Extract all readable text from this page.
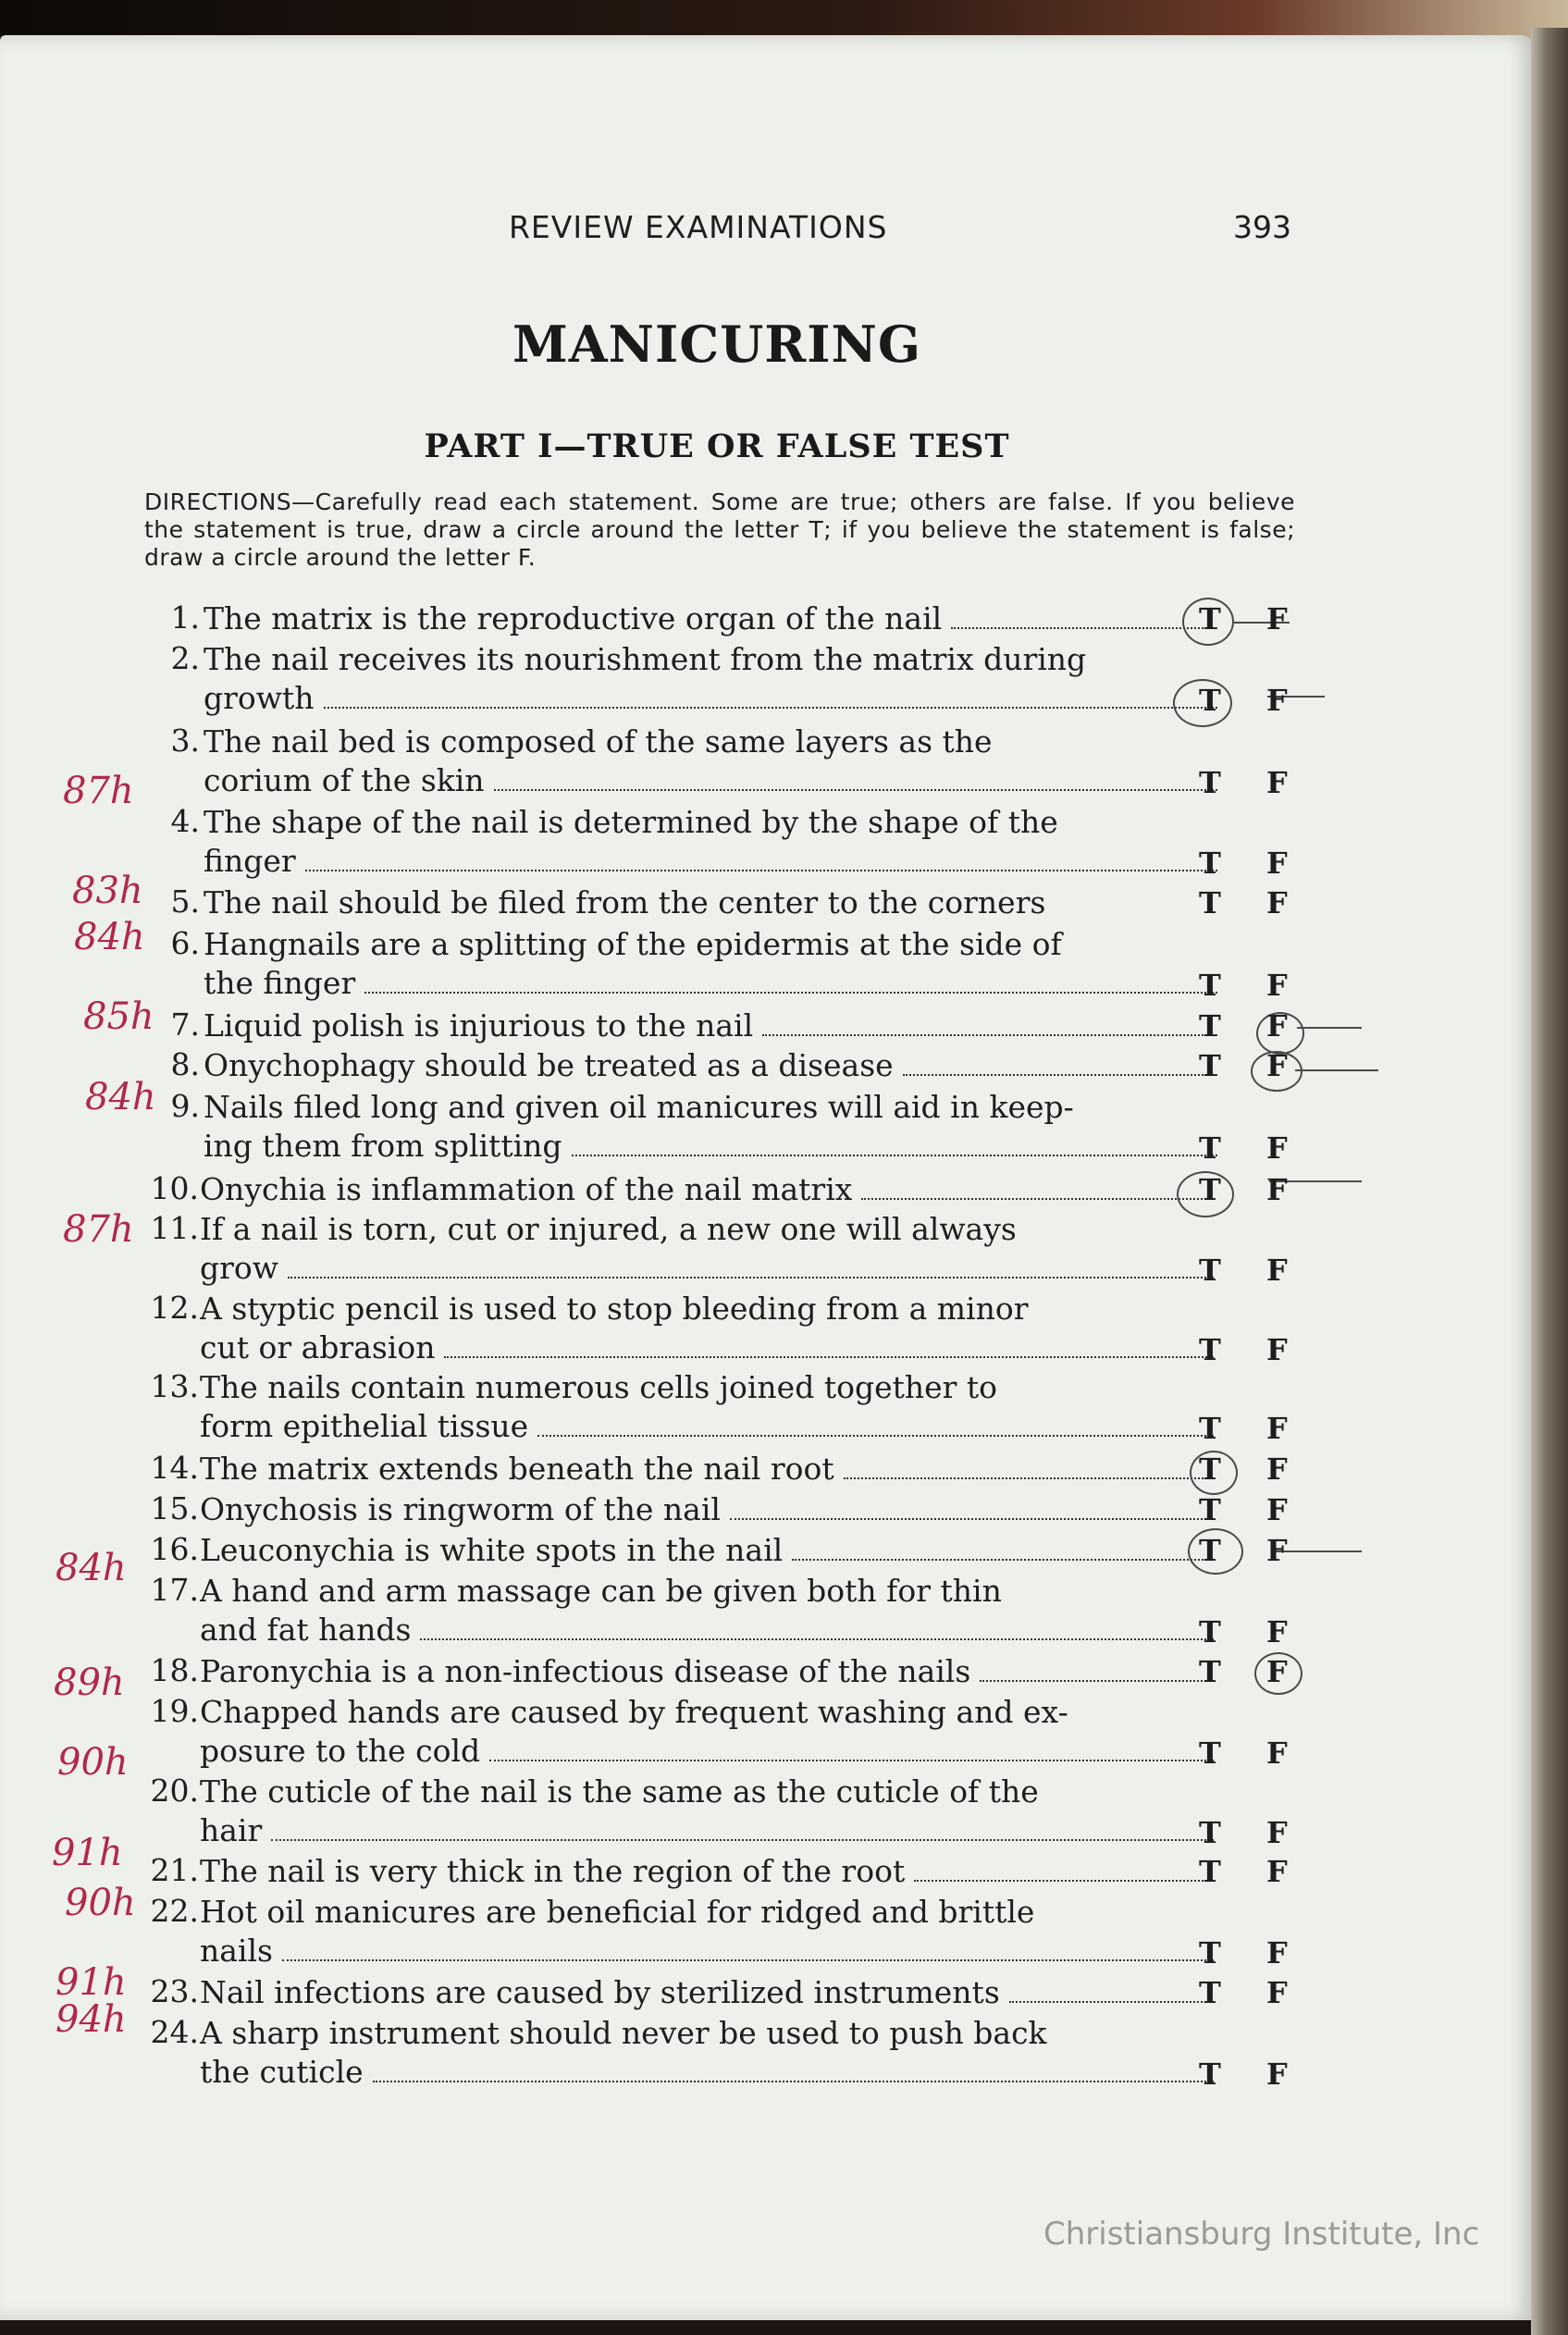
REVIEW EXAMINATIONS	393
MANICURING
PART I—TRUE OR FALSE TEST
DIRECTIONS—Carefully read each statement. Some are true; others are false. If you believe the statement is true, draw a circle around the letter T; if you believe the statement is false; draw a circle around the letter F.
1. The matrix is the reproductive organ of the nail
2. The nail receives its nourishment from the matrix during
growth
3. The nail bed is composed of the same layers as the
corium of the skin
4. The shape of the nail is determined by the shape of the
finger
5. The nail should be filed from the center to the corners
6. Hangnails are a splitting of the epidermis at the side of
the finger
7. Liquid polish is injurious to the nail
8. Onychophagy should be treated as a disease
9. Nails filed long and given oil manicures will aid in keep-
ing them from splitting
10. Onychia is inflammation of the nail matrix
11. If a nail is torn, cut or injured, a new one will always
grow
12. A styptic pencil is used to stop bleeding from a minor
cut or abrasion
13. The nails contain numerous cells joined together to
form epithelial tissue
14. The matrix extends beneath the nail root
15. Onychosis is ringworm of the nail
16. Leuconychia is white spots in the nail
17. A hand and arm massage can be given both for thin
and fat hands
18. Paronychia is a non-infectious disease of the nails
19. Chapped hands are caused by frequent washing and ex-
posure to the cold
20. The cuticle of the nail is the same as the cuticle of the
hair
21. The nail is very thick in the region of the root
22. Hot oil manicures are beneficial for ridged and brittle
nails
23. Nail infections are caused by sterilized instruments
24. A sharp instrument should never be used to push back
the cuticle
87h
83h
84h
85h
84h
87h
84h
89h
90h
91h
90h
91h
94h
Christiansburg Institute, Inc
T F
T F
T F
T F
T F
T F
T F
T F
T F
T F
T F
T F
T F
T F
T F
T F
T F
T F
T F
T F
T F
T F
T F
T F
